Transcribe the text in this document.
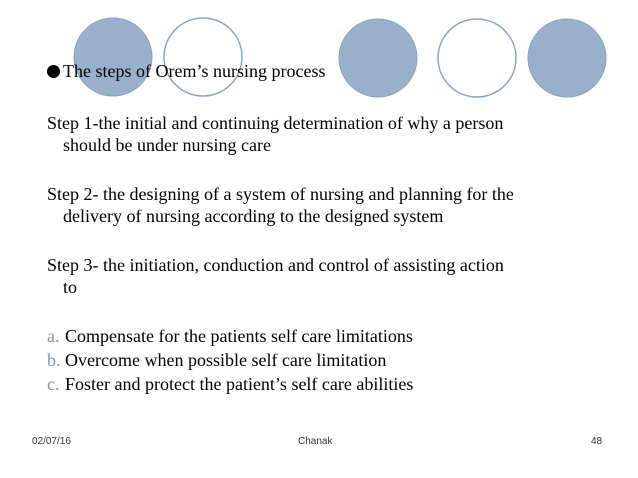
The steps of Orem’s nursing process
Step 1-the initial and continuing determination of why a person
should be under nursing care
Step 2- the designing of a system of nursing and planning for the
delivery of nursing according to the designed system
Step 3- the initiation, conduction and control of assisting action
to
a. Compensate for the patients self care limitations
b. Overcome when possible self care limitation
c. Foster and protect the patient’s self care abilities
02/07/16	Chanak	48
